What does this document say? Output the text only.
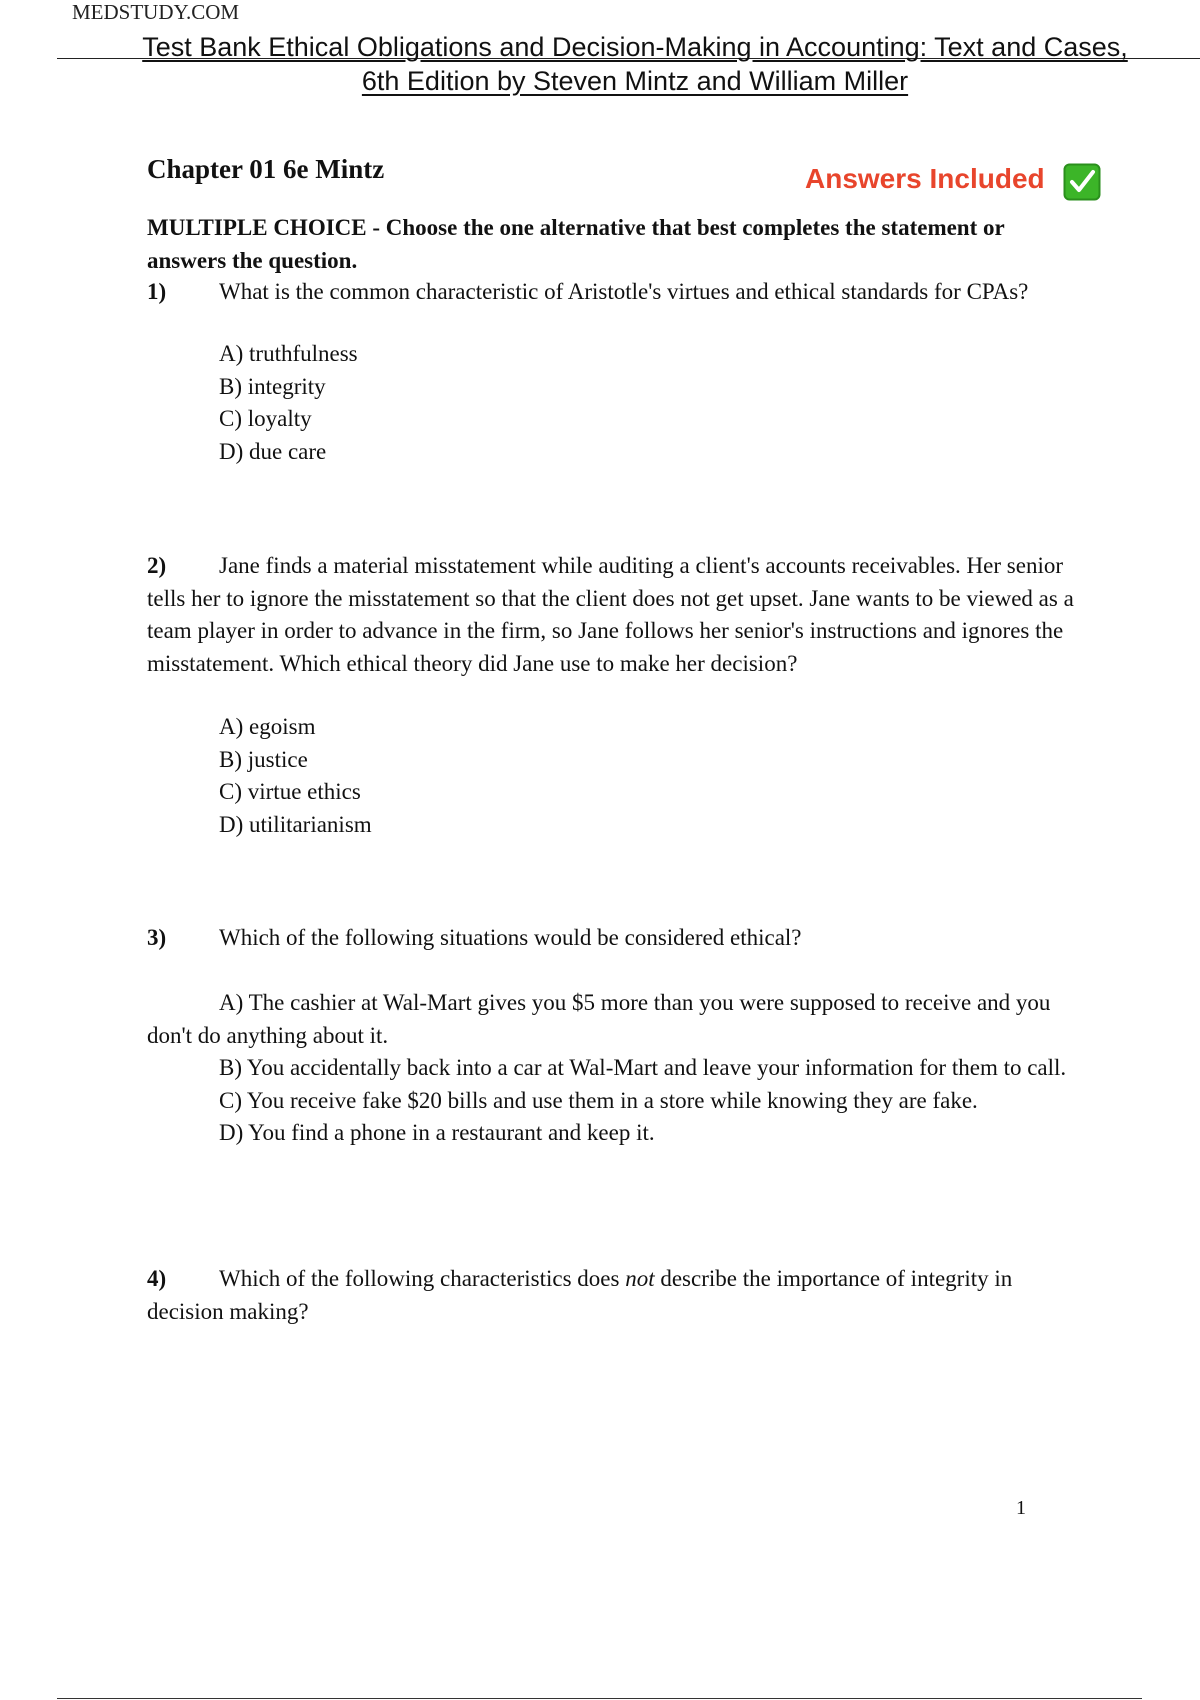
MEDSTUDY.COM
Test Bank Ethical Obligations and Decision-Making in Accounting: Text and Cases,
6th Edition by Steven Mintz and William Miller
Chapter 01 6e Mintz	Answers Included
MULTIPLE CHOICE - Choose the one alternative that best completes the statement or answers the question.
1) What is the common characteristic of Aristotle's virtues and ethical standards for CPAs?
A) truthfulness
B) integrity
C) loyalty
D) due care
2) Jane finds a material misstatement while auditing a client's accounts receivables. Her senior tells her to ignore the misstatement so that the client does not get upset. Jane wants to be viewed as a team player in order to advance in the firm, so Jane follows her senior's instructions and ignores the misstatement. Which ethical theory did Jane use to make her decision?
A) egoism
B) justice
C) virtue ethics
D) utilitarianism
3) Which of the following situations would be considered ethical?
A) The cashier at Wal-Mart gives you $5 more than you were supposed to receive and you don't do anything about it.
B) You accidentally back into a car at Wal-Mart and leave your information for them to call.
C) You receive fake $20 bills and use them in a store while knowing they are fake.
D) You find a phone in a restaurant and keep it.
4) Which of the following characteristics does not describe the importance of integrity in decision making?
1
